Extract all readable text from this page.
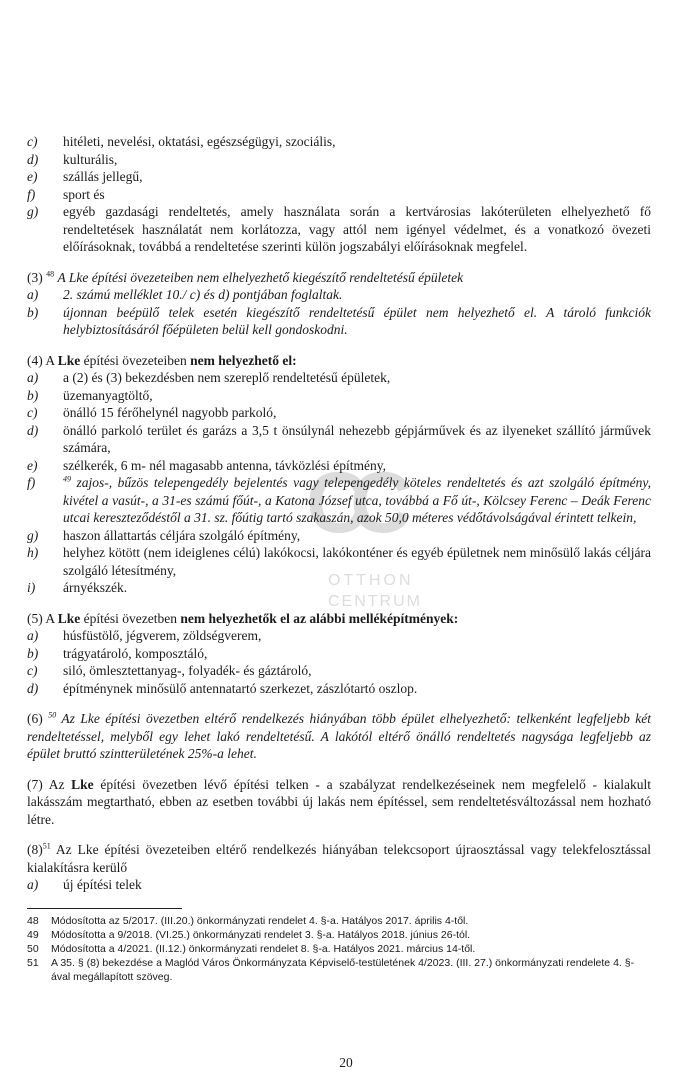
CC
OTTHON
CENTRUM
c)	hitéleti, nevelési, oktatási, egészségügyi, szociális,
d)	kulturális,
e)	szállás jellegű,
f)	sport és
g)	egyéb gazdasági rendeltetés, amely használata során a kertvárosias lakóterületen elhelyezhető fő rendeltetések használatát nem korlátozza, vagy attól nem igényel védelmet, és a vonatkozó övezeti előírásoknak, továbbá a rendeltetése szerinti külön jogszabályi előírásoknak megfelel.
(3) $^{48}$ A Lke építési övezeteiben nem elhelyezhető kiegészítő rendeltetésű épületek
a)	2. számú melléklet 10./ c) és d) pontjában foglaltak.
b)	újonnan beépülő telek esetén kiegészítő rendeltetésű épület nem helyezhető el. A tároló funkciók helybiztosításáról főépületen belül kell gondoskodni.
(4) A Lke építési övezeteiben nem helyezhető el:
a)	a (2) és (3) bekezdésben nem szereplő rendeltetésű épületek,
b)	üzemanyagtöltő,
c)	önálló 15 férőhelynél nagyobb parkoló,
d)	önálló parkoló terület és garázs a 3,5 t önsúlynál nehezebb gépjárművek és az ilyeneket szállító járművek számára,
e)	szélkerék, 6 m- nél magasabb antenna, távközlési építmény,
f)	$^{49}$ zajos-, bűzös telepengedély bejelentés vagy telepengedély köteles rendeltetés és azt szolgáló építmény, kivétel a vasút-, a 31-es számú főút-, a Katona József utca, továbbá a Fő út-, Kölcsey Ferenc – Deák Ferenc utcai kereszteződéstől a 31. sz. főútig tartó szakaszán, azok 50,0 méteres védőtávolságával érintett telkein,
g)	haszon állattartás céljára szolgáló építmény,
h)	helyhez kötött (nem ideiglenes célú) lakókocsi, lakókonténer és egyéb épületnek nem minősülő lakás céljára szolgáló létesítmény,
i)	árnyékszék.
(5) A Lke építési övezetben nem helyezhetők el az alábbi melléképítmények:
a)	húsfüstölő, jégverem, zöldségverem,
b)	trágyatároló, komposztáló,
c)	siló, ömlesztettanyag-, folyadék- és gáztároló,
d)	építménynek minősülő antennatartó szerkezet, zászlótartó oszlop.
(6) $^{50}$ Az Lke építési övezetben eltérő rendelkezés hiányában több épület elhelyezhető: telkenként legfeljebb két rendeltetéssel, melyből egy lehet lakó rendeltetésű. A lakótól eltérő önálló rendeltetés nagysága legfeljebb az épület bruttó szintterületének 25%-a lehet.
(7) Az Lke építési övezetben lévő építési telken - a szabályzat rendelkezéseinek nem megfelelő - kialakult lakásszám megtartható, ebben az esetben további új lakás nem építéssel, sem rendeltetésváltozással nem hozható létre.
$(8)^{51}$ Az Lke építési övezeteiben eltérő rendelkezés hiányában telekcsoport újraosztással vagy telekfelosztással kialakításra kerülő
a)	új építési telek
48	Módosította az 5/2017. (III.20.) önkormányzati rendelet 4. §-a. Hatályos 2017. április 4-től.
49	Módosította a 9/2018. (VI.25.) önkormányzati rendelet 3. §-a. Hatályos 2018. június 26-tól.
50	Módosította a 4/2021. (II.12.) önkormányzati rendelet 8. §-a. Hatályos 2021. március 14-től.
51	A 35. § (8) bekezdése a Maglód Város Önkormányzata Képviselő-testületének 4/2023. (III. 27.) önkormányzati rendelete 4. §-ával megállapított szöveg.
20
